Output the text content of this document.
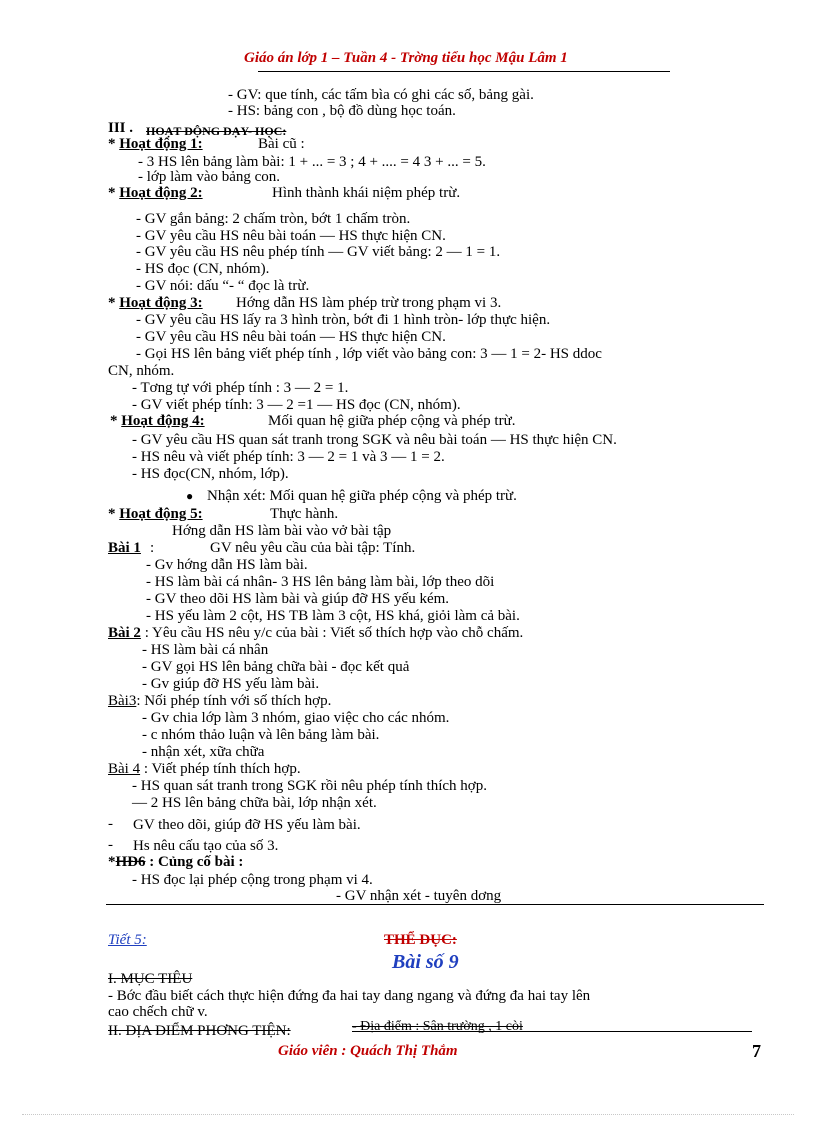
Giáo án lớp 1 – Tuần 4 - Trờng tiểu học Mậu Lâm 1
- GV: que tính, các tấm bìa có ghi các số, bảng gài.
- HS: bảng con , bộ đồ dùng học toán.
III . HOẠT ĐỘNG DẠY- HỌC:
* Hoạt động 1:	Bài cũ :
- 3 HS lên bảng làm bài: 1 + ... = 3 ; 4 + .... = 4 3 + ... = 5.
- lớp làm vào bảng con.
* Hoạt động 2:	Hình thành khái niệm phép trừ.
- GV gắn bảng: 2 chấm tròn, bớt 1 chấm tròn.
- GV yêu cầu HS nêu bài toán — HS thực hiện CN.
- GV yêu cầu HS nêu phép tính — GV viết bảng: 2 — 1 = 1.
- HS đọc (CN, nhóm).
- GV nói: dấu “- “ đọc là trừ.
* Hoạt động 3: Hớng dẫn HS làm phép trừ trong phạm vi 3.
- GV yêu cầu HS lấy ra 3 hình tròn, bớt đi 1 hình tròn- lớp thực hiện.
- GV yêu cầu HS nêu bài toán — HS thực hiện CN.
- Gọi HS lên bảng viết phép tính , lớp viết vào bảng con: 3 — 1 = 2- HS ddoc
CN, nhóm.
- Tơng tự với phép tính : 3 — 2 = 1.
- GV viết phép tính: 3 — 2 =1 — HS đọc (CN, nhóm).
* Hoạt động 4:	Mối quan hệ giữa phép cộng và phép trừ.
- GV yêu cầu HS quan sát tranh trong SGK và nêu bài toán — HS thực hiện CN.
- HS nêu và viết phép tính: 3 — 2 = 1 và 3 — 1 = 2.
- HS đọc(CN, nhóm, lớp).
● Nhận xét: Mối quan hệ giữa phép cộng và phép trừ.
* Hoạt động 5:	Thực hành.
Hớng dẫn HS làm bài vào vở bài tập
Bài 1 :	GV nêu yêu cầu của bài tập: Tính.
- Gv hớng dẫn HS làm bài.
- HS làm bài cá nhân- 3 HS lên bảng làm bài, lớp theo dõi
- GV theo dõi HS làm bài và giúp đỡ HS yếu kém.
- HS yếu làm 2 cột, HS TB làm 3 cột, HS khá, giỏi làm cả bài.
Bài 2 : Yêu cầu HS nêu y/c của bài : Viết số thích hợp vào chỗ chấm.
- HS làm bài cá nhân
- GV gọi HS lên bảng chữa bài - đọc kết quả
- Gv giúp đỡ HS yếu làm bài.
Bài3: Nối phép tính với số thích hợp.
- Gv chia lớp làm 3 nhóm, giao việc cho các nhóm.
- c nhóm thảo luận và lên bảng làm bài.
- nhận xét, xữa chữa
Bài 4 : Viết phép tính thích hợp.
- HS quan sát tranh trong SGK rồi nêu phép tính thích hợp.
— 2 HS lên bảng chữa bài, lớp nhận xét.
- GV theo dõi, giúp đỡ HS yếu làm bài.
- Hs nêu cấu tạo của số 3.
*HĐ6 : Củng cố bài :
- HS đọc lại phép cộng trong phạm vi 4.
- GV nhận xét - tuyên dơng
Tiết 5:	THỂ DỤC:
Bài số 9
I. MỤC TIÊU
- Bớc đầu biết cách thực hiện đứng đa hai tay dang ngang và đứng đa hai tay lên
cao chếch chữ v.
II. ĐỊA ĐIỂM PHƠNG TIỆN:	- Địa điểm : Sân trường , 1 còi
Giáo viên : Quách Thị Thắm	7
